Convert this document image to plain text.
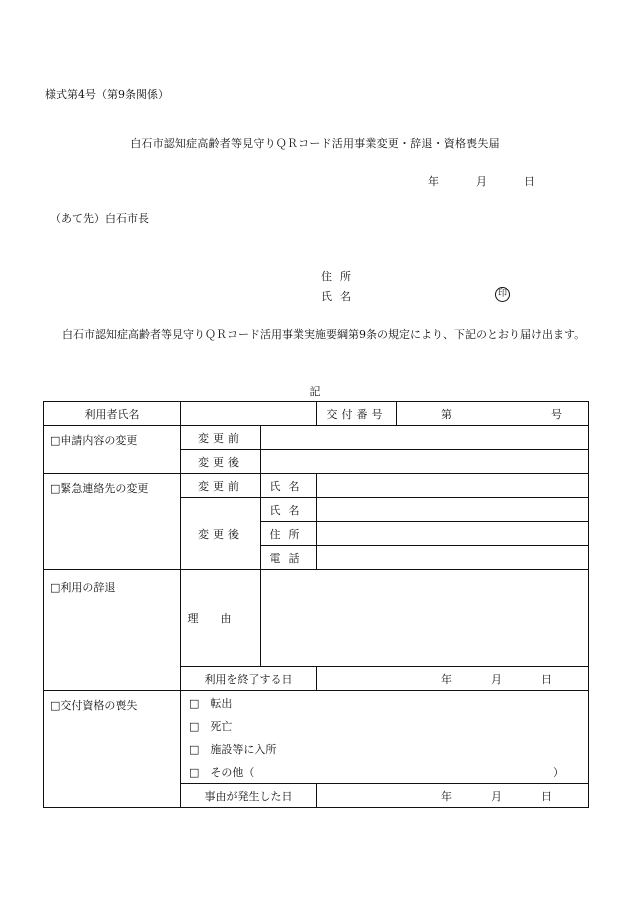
様式第4号（第9条関係）
白石市認知症高齢者等見守りＱＲコード活用事業変更・辞退・資格喪失届
年	月	日
（あて先）白石市長
住所
氏名	印
白石市認知症高齢者等見守りＱＲコード活用事業実施要綱第9条の規定により、下記のとおり届け出ます。
記
利用者氏名			交付番号	第 号
□申請内容の変更	変更前			
	変更後			
□緊急連絡先の変更	変更前	氏名		
	変更後	氏名		
		住所		
		電話		
□利用の辞退	理由			
	利用を終了する日		年 月 日	
□交付資格の喪失	□　転出			
	□　死亡			
	□　施設等に入所			
	□　その他（ ）			
	事由が発生した日		年 月 日	
